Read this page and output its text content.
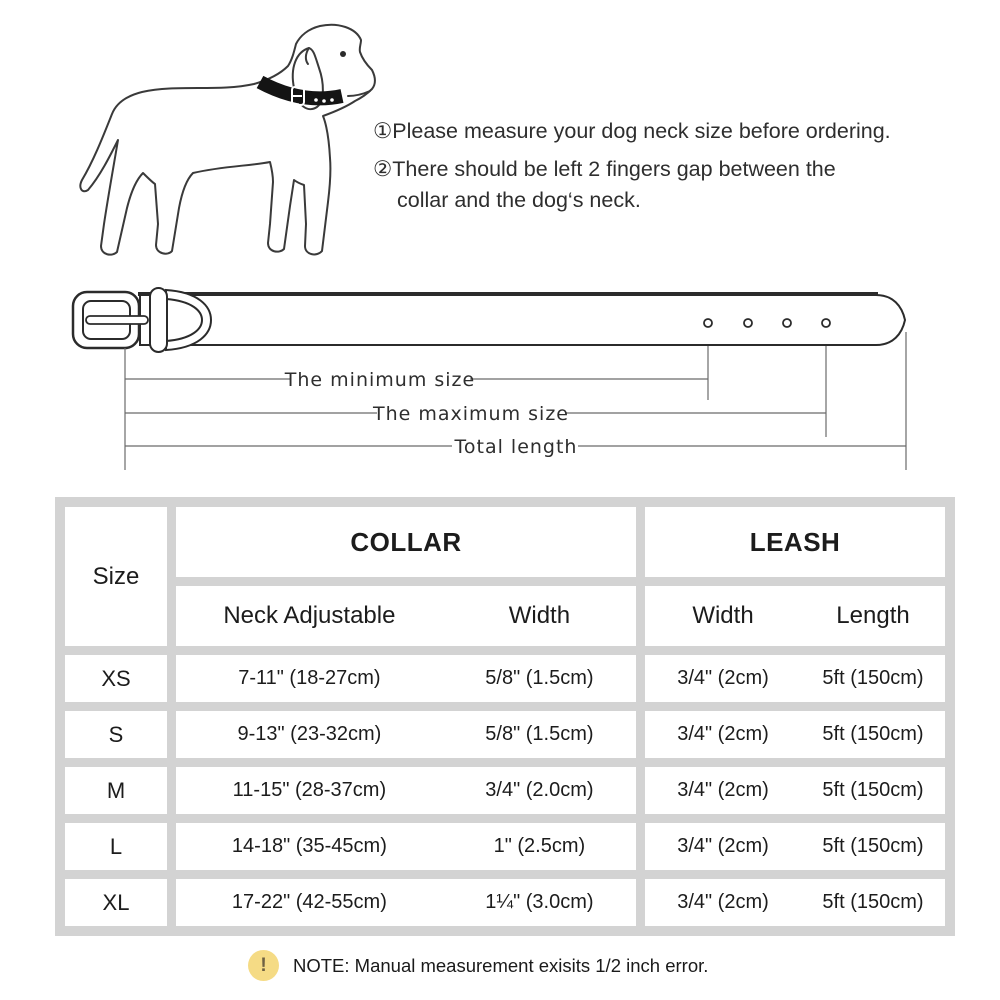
①Please measure your dog neck size before ordering.

②There should be left 2 fingers gap between the

collar and the dog‘s neck.

The minimum size
The maximum size
Total length
Size
COLLAR	LEASH
Neck Adjustable	Width	Width	Length
XS	7-11" (18-27cm)	5/8" (1.5cm)	3/4" (2cm)	5ft (150cm)
S	9-13" (23-32cm)	5/8" (1.5cm)	3/4" (2cm)	5ft (150cm)
M	11-15" (28-37cm)	3/4" (2.0cm)	3/4" (2cm)	5ft (150cm)
L	14-18" (35-45cm)	1" (2.5cm)	3/4" (2cm)	5ft (150cm)
XL	17-22" (42-55cm)	1¼" (3.0cm)	3/4" (2cm)	5ft (150cm)
!	NOTE: Manual measurement exisits 1/2 inch error.
